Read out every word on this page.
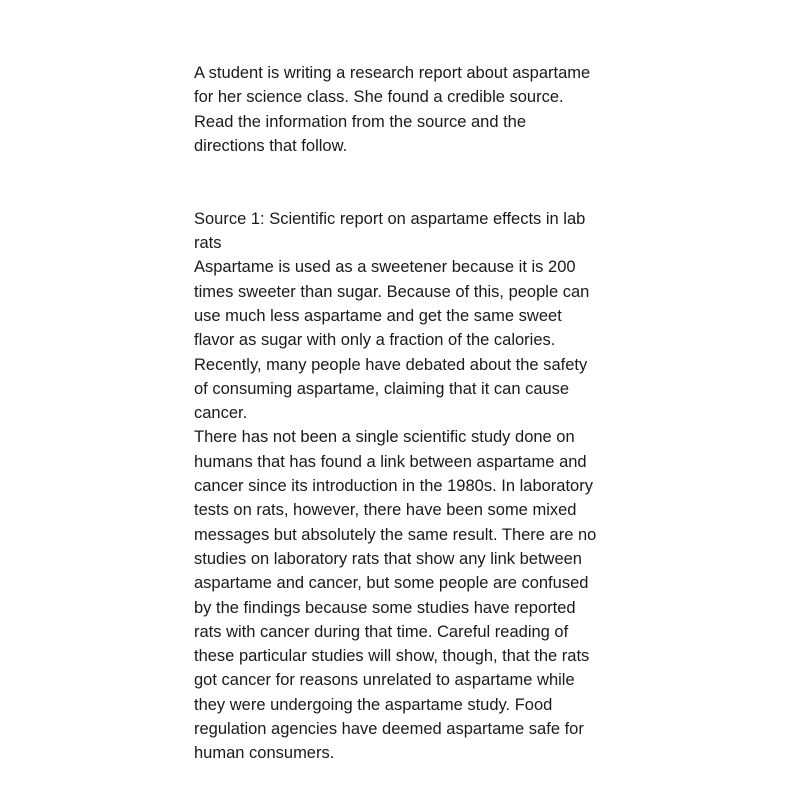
A student is writing a research report about aspartame
for her science class. She found a credible source.
Read the information from the source and the
directions that follow.

Source 1: Scientific report on aspartame effects in lab
rats

Aspartame is used as a sweetener because it is 200
times sweeter than sugar. Because of this, people can
use much less aspartame and get the same sweet
flavor as sugar with only a fraction of the calories.
Recently, many people have debated about the safety
of consuming aspartame, claiming that it can cause
cancer.

There has not been a single scientific study done on
humans that has found a link between aspartame and
cancer since its introduction in the 1980s. In laboratory
tests on rats, however, there have been some mixed
messages but absolutely the same result. There are no
studies on laboratory rats that show any link between
aspartame and cancer, but some people are confused
by the findings because some studies have reported
rats with cancer during that time. Careful reading of
these particular studies will show, though, that the rats
got cancer for reasons unrelated to aspartame while
they were undergoing the aspartame study. Food
regulation agencies have deemed aspartame safe for
human consumers.
